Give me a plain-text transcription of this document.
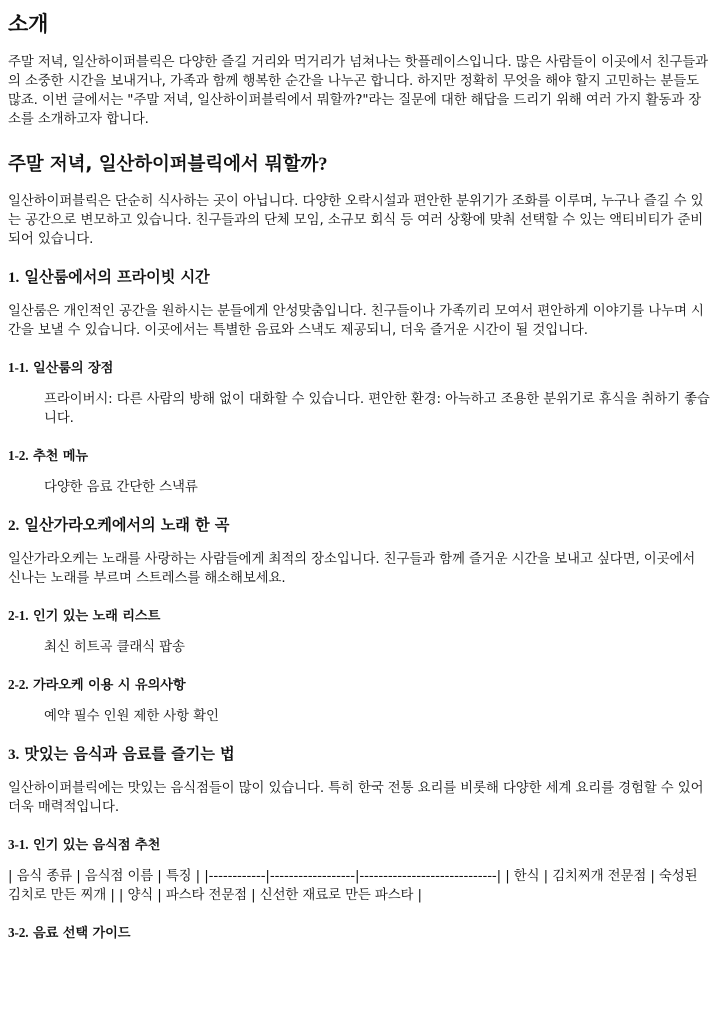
소개

주말 저녁, 일산하이퍼블릭은 다양한 즐길 거리와 먹거리가 넘쳐나는 핫플레이스입니다. 많은 사람들이 이곳에서 친구들과의 소중한 시간을 보내거나, 가족과 함께 행복한 순간을 나누곤 합니다. 하지만 정확히 무엇을 해야 할지 고민하는 분들도 많죠. 이번 글에서는 "주말 저녁, 일산하이퍼블릭에서 뭐할까?"라는 질문에 대한 해답을 드리기 위해 여러 가지 활동과 장소를 소개하고자 합니다.

주말 저녁, 일산하이퍼블릭에서 뭐할까?

일산하이퍼블릭은 단순히 식사하는 곳이 아닙니다. 다양한 오락시설과 편안한 분위기가 조화를 이루며, 누구나 즐길 수 있는 공간으로 변모하고 있습니다. 친구들과의 단체 모임, 소규모 회식 등 여러 상황에 맞춰 선택할 수 있는 액티비티가 준비되어 있습니다.

1. 일산룸에서의 프라이빗 시간

일산룸은 개인적인 공간을 원하시는 분들에게 안성맞춤입니다. 친구들이나 가족끼리 모여서 편안하게 이야기를 나누며 시간을 보낼 수 있습니다. 이곳에서는 특별한 음료와 스낵도 제공되니, 더욱 즐거운 시간이 될 것입니다.

1-1. 일산룸의 장점

프라이버시: 다른 사람의 방해 없이 대화할 수 있습니다. 편안한 환경: 아늑하고 조용한 분위기로 휴식을 취하기 좋습니다.

1-2. 추천 메뉴

다양한 음료 간단한 스낵류

2. 일산가라오케에서의 노래 한 곡

일산가라오케는 노래를 사랑하는 사람들에게 최적의 장소입니다. 친구들과 함께 즐거운 시간을 보내고 싶다면, 이곳에서 신나는 노래를 부르며 스트레스를 해소해보세요.

2-1. 인기 있는 노래 리스트

최신 히트곡 클래식 팝송

2-2. 가라오케 이용 시 유의사항

예약 필수 인원 제한 사항 확인

3. 맛있는 음식과 음료를 즐기는 법

일산하이퍼블릭에는 맛있는 음식점들이 많이 있습니다. 특히 한국 전통 요리를 비롯해 다양한 세계 요리를 경험할 수 있어 더욱 매력적입니다.

3-1. 인기 있는 음식점 추천

| 음식 종류 | 음식점 이름 | 특징 | |------------|------------------|-----------------------------| | 한식 | 김치찌개 전문점 | 숙성된 김치로 만든 찌개 | | 양식 | 파스타 전문점 | 신선한 재료로 만든 파스타 |

3-2. 음료 선택 가이드
